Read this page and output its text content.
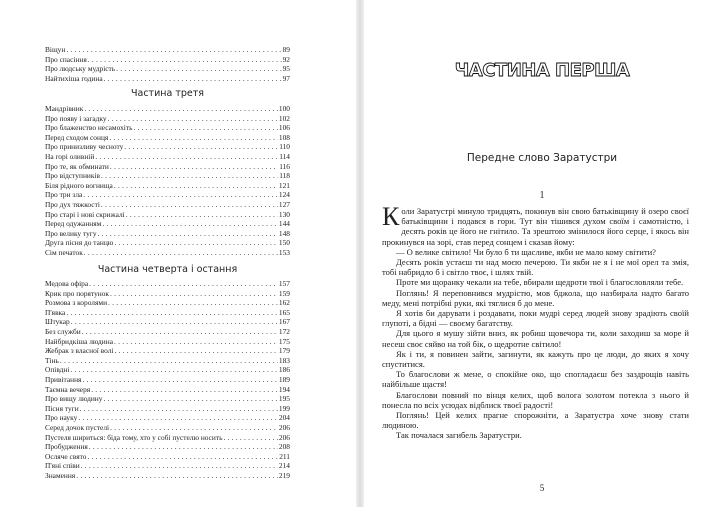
Віщун . . .	89
Про спасіння . . .	92
Про людську мудрість . . .	95
Найтихіша година . . .	97
Частина третя
Мандрівник . . .	100
Про появу і загадку . . .	102
Про блаженство несамохіть . . .	106
Перед сходом сонця . . .	108
Про принизливу чесноту . . .	110
На горі оливній . . .	114
Про те, як обминати . . .	116
Про відступників . . .	118
Біля рідного вогнища . . .	121
Про три зла . . .	124
Про дух тяжкості . . .	127
Про старі і нові скрижалі . . .	130
Перед одужанням . . .	144
Про велику тугу . . .	148
Друга пісня до танцю . . .	150
Сім печаток . . .	153
Частина четверта і остання
Медова офіра . . .	157
Крик про порятунок . . .	159
Розмова з королями . . .	162
П'явка . . .	165
Штукар . . .	167
Без служби . . .	172
Найбридкіша людина . . .	175
Жебрак з власної волі . . .	179
Тінь . . .	183
Опівдні . . .	186
Привітання . . .	189
Таємна вечеря . . .	194
Про вищу людину . . .	195
Пісня туги . . .	199
Про науку . . .	204
Серед дочок пустелі . . .	206
Пустеля шириться: біда тому, хто у собі пустелю носить . . .	206
Пробудження . . .	208
Осляче свято . . .	211
П'яні співи . . .	214
Знамення . . .	219
ЧАСТИНА ПЕРША
Передне слово Заратустри
1

Коли Заратустрі минуло тридцять, покинув він свою батьківщину й озеро своєї батьківщини і подався в гори. Тут він тішився духом своїм і самотністю, і десять років це його не гнітило. Та зрештою змінилося його серце, і якось він прокинувся на зорі, став перед сонцем і сказав йому:

— О велике світило! Чи було б ти щасливе, якби не мало кому світити?

Десять років устаєш ти над моєю печерою. Ти якби не я і не мої орел та змія, тобі набридло б і світло твоє, і шлях твій.

Проте ми щоранку чекали на тебе, вбирали щедроти твої і благословляли тебе.

Поглянь! Я переповнився мудрістю, мов бджола, що назбирала надто багато меду, мені потрібні руки, які тяглися б до мене.

Я хотів би дарувати і роздавати, поки мудрі серед людей знову зрадіють своїй глупоті, а бідні — своєму багатству.

Для цього я мушу зійти вниз, як робиш щовечора ти, коли заходиш за море й несеш своє сяйво на той бік, о щедротне світило!

Як і ти, я повинен зайти, загинути, як кажуть про це люди, до яких я хочу спуститися.

То благослови ж мене, о спокійне око, що спогладаєш без заздрощів навіть найбільше щастя!

Благослови повний по вінця келих, щоб волога золотом потекла з нього й понесла по всіх усюдах відблиск твоєї радості!

Поглянь! Цей келих прагне спорожніти, а Заратустра хоче знову стати людиною.

Так почалася загибель Заратустри.

5
